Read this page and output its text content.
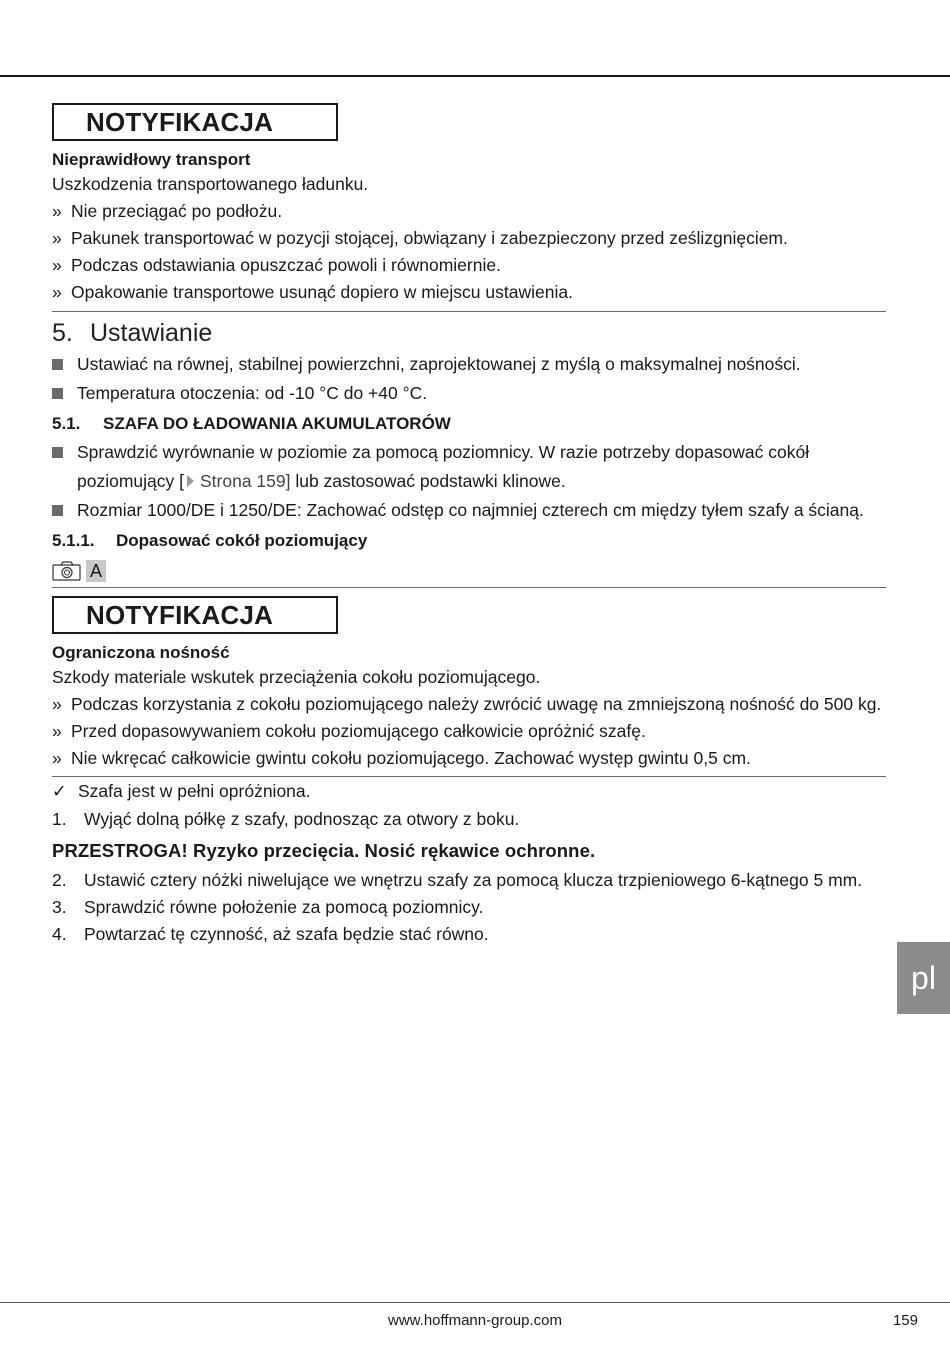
NOTYFIKACJA
Nieprawidłowy transport
Uszkodzenia transportowanego ładunku.
» Nie przeciągać po podłożu.
» Pakunek transportować w pozycji stojącej, obwiązany i zabezpieczony przed ześlizgnięciem.
» Podczas odstawiania opuszczać powoli i równomiernie.
» Opakowanie transportowe usunąć dopiero w miejscu ustawienia.
5. Ustawianie
Ustawiać na równej, stabilnej powierzchni, zaprojektowanej z myślą o maksymalnej nośności.
Temperatura otoczenia: od -10 °C do +40 °C.
5.1. SZAFA DO ŁADOWANIA AKUMULATORÓW
Sprawdzić wyrównanie w poziomie za pomocą poziomnicy. W razie potrzeby dopasować cokół poziomujący [ Strona 159] lub zastosować podstawki klinowe.
Rozmiar 1000/DE i 1250/DE: Zachować odstęp co najmniej czterech cm między tyłem szafy a ścianą.
5.1.1. Dopasować cokół poziomujący
A
NOTYFIKACJA
Ograniczona nośność
Szkody materiale wskutek przeciążenia cokołu poziomującego.
» Podczas korzystania z cokołu poziomującego należy zwrócić uwagę na zmniejszoną nośność do 500 kg.
» Przed dopasowywaniem cokołu poziomującego całkowicie opróżnić szafę.
» Nie wkręcać całkowicie gwintu cokołu poziomującego. Zachować występ gwintu 0,5 cm.
✓ Szafa jest w pełni opróżniona.
1. Wyjąć dolną półkę z szafy, podnosząc za otwory z boku.
PRZESTROGA! Ryzyko przecięcia. Nosić rękawice ochronne.
2. Ustawić cztery nóżki niwelujące we wnętrzu szafy za pomocą klucza trzpieniowego 6-kątnego 5 mm.
3. Sprawdzić równe położenie za pomocą poziomnicy.
4. Powtarzać tę czynność, aż szafa będzie stać równo.
pl
www.hoffmann-group.com	159
